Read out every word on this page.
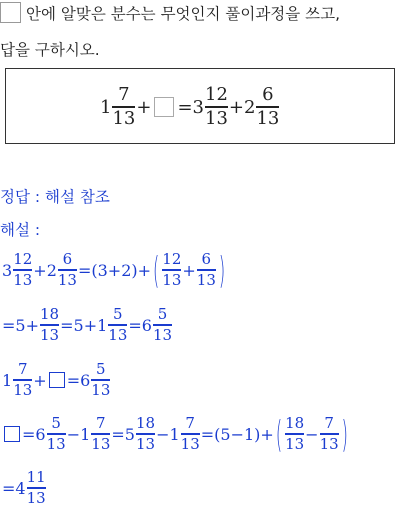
안에 알맞은 분수는 무엇인지 풀이과정을 쓰고,
답을 구하시오.
1
7
13
+ = 3
12
13
+ 2
6
13
정답 : 해설 참조
해설 :
3
12
13
+ 2
6
13
= (3+2) + ( 12
13
+
6
13 )
= 5 +
18
13
= 5 + 1
5
13
= 6
5
13
1
7
13
+ = 6
5
13
= 6
5
13
− 1
7
13
= 5
18
13
− 1
7
13
= (5−1) + ( 18
13
−
7
13 )
= 4
11
13
